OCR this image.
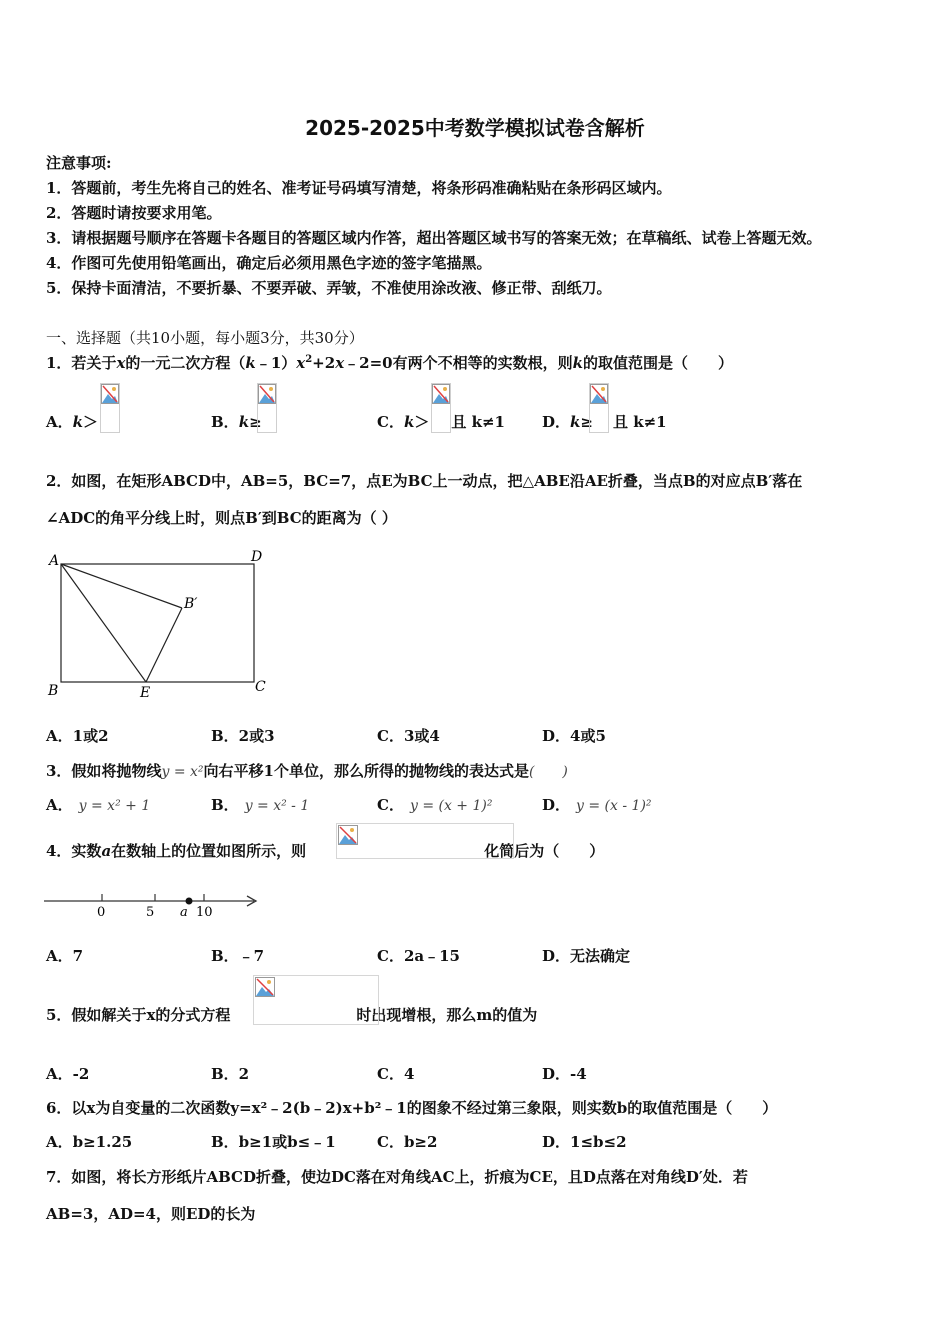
2025-2025中考数学模拟试卷含解析
注意事项:
1．答题前，考生先将自己的姓名、准考证号码填写清楚，将条形码准确粘贴在条形码区域内。
2．答题时请按要求用笔。
3．请根据题号顺序在答题卡各题目的答题区域内作答，超出答题区域书写的答案无效；在草稿纸、试卷上答题无效。
4．作图可先使用铅笔画出，确定后必须用黑色字迹的签字笔描黑。
5．保持卡面清洁，不要折暴、不要弄破、弄皱，不准使用涂改液、修正带、刮纸刀。
一、选择题（共10小题，每小题3分，共30分）
1．若关于x的一元二次方程$(k﹣1)x^2+2x﹣2=0$有两个不相等的实数根，则k的取值范围是（　　）
A．k＞	B．k≥	C．k＞ 且 k≠1 D．k≥ 且 k≠1
2．如图，在矩形ABCD中，AB=5，BC=7，点E为BC上一动点，把△ABE沿AE折叠，当点B的对应点B′落在
∠ADC的角平分线上时，则点B′到BC的距离为（ ）
A	D
B	C
E
B′
A．1或2	B．2或3	C．3或4	D．4或5
3．假如将抛物线y = x²向右平移1个单位，那么所得的抛物线的表达式是(　　)
A． y = x² + 1	B． y = x² - 1	C． y = (x + 1)²	D． y = (x - 1)²
4．实数a在数轴上的位置如图所示，则	化简后为（　　）
0	5 a 10
A．7	B．﹣7	C．2a﹣15	D．无法确定
5．假如解关于x的分式方程	时出现增根，那么m的值为
A．-2	B．2	C．4	D．-4
6．以x为自变量的二次函数y=x²﹣2(b﹣2)x+b²﹣1的图象不经过第三象限，则实数b的取值范围是（　　）
A．b≥1.25	B．b≥1或b≤﹣1	C．b≥2	D．1≤b≤2
7．如图，将长方形纸片ABCD折叠，使边DC落在对角线AC上，折痕为CE，且D点落在对角线D′处．若
AB=3，AD=4，则ED的长为
